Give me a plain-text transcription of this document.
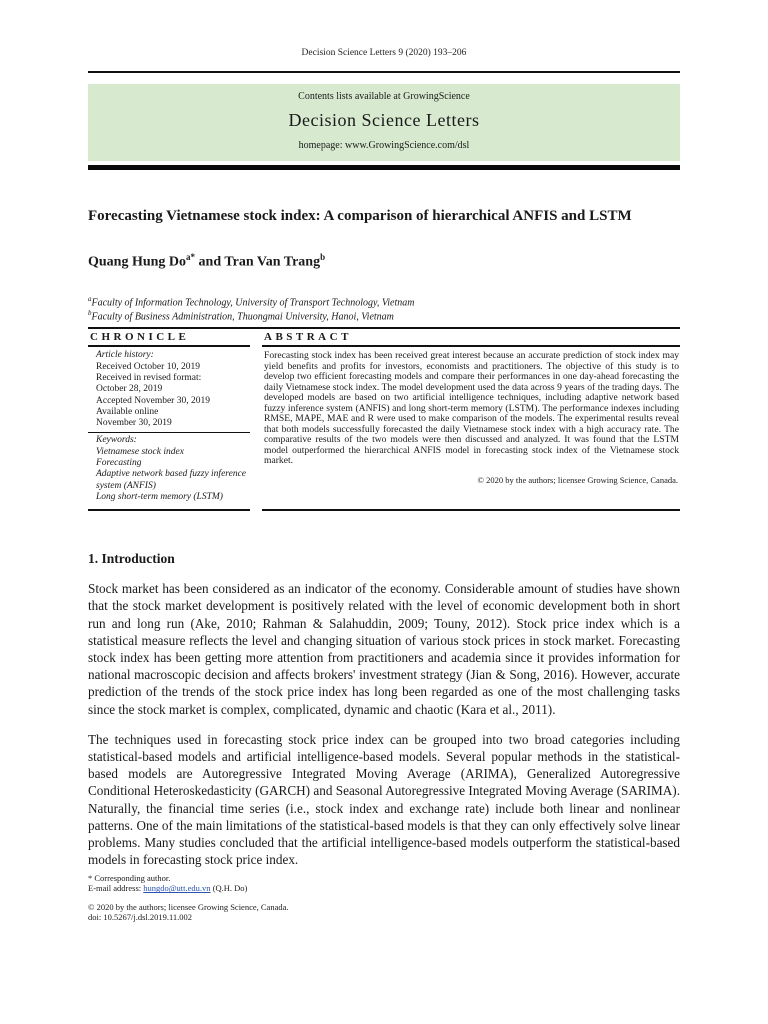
Decision Science Letters 9 (2020) 193–206
Contents lists available at GrowingScience
Decision Science Letters
homepage: www.GrowingScience.com/dsl
Forecasting Vietnamese stock index: A comparison of hierarchical ANFIS and LSTM
Quang Hung $Do^{a*}$ and Tran Van Trang$^b$
$^a$Faculty of Information Technology, University of Transport Technology, Vietnam
$^b$Faculty of Business Administration, Thuongmai University, Hanoi, Vietnam
CHRONICLE
Article history:
Received October 10, 2019
Received in revised format:
October 28, 2019
Accepted November 30, 2019
Available online
November 30, 2019
Keywords:
Vietnamese stock index
Forecasting
Adaptive network based fuzzy inference system (ANFIS)
Long short-term memory (LSTM)
ABSTRACT
Forecasting stock index has been received great interest because an accurate prediction of stock index may yield benefits and profits for investors, economists and practitioners. The objective of this study is to develop two efficient forecasting models and compare their performances in one day-ahead forecasting the daily Vietnamese stock index. The model development used the data across 9 years of the trading days. The developed models are based on two artificial intelligence techniques, including adaptive network based fuzzy inference system (ANFIS) and long short-term memory (LSTM). The performance indexes including RMSE, MAPE, MAE and R were used to make comparison of the models. The experimental results reveal that both models successfully forecasted the daily Vietnamese stock index with a high accuracy rate. The comparative results of the two models were then discussed and analyzed. It was found that the LSTM model outperformed the hierarchical ANFIS model in forecasting stock index of the Vietnamese stock market.
© 2020 by the authors; licensee Growing Science, Canada.
1. Introduction
Stock market has been considered as an indicator of the economy. Considerable amount of studies have shown that the stock market development is positively related with the level of economic development both in short run and long run (Ake, 2010; Rahman & Salahuddin, 2009; Touny, 2012). Stock price index which is a statistical measure reflects the level and changing situation of various stock prices in stock market. Forecasting stock index has been getting more attention from practitioners and academia since it provides information for national macroscopic decision and affects brokers' investment strategy (Jian & Song, 2016). However, accurate prediction of the trends of the stock price index has long been regarded as one of the most challenging tasks since the stock market is complex, complicated, dynamic and chaotic (Kara et al., 2011).
The techniques used in forecasting stock price index can be grouped into two broad categories including statistical-based models and artificial intelligence-based models. Several popular methods in the statistical-based models are Autoregressive Integrated Moving Average (ARIMA), Generalized Autoregressive Conditional Heteroskedasticity (GARCH) and Seasonal Autoregressive Integrated Moving Average (SARIMA). Naturally, the financial time series (i.e., stock index and exchange rate) include both linear and nonlinear patterns. One of the main limitations of the statistical-based models is that they can only effectively solve linear problems. Many studies concluded that the artificial intelligence-based models outperform the statistical-based models in forecasting stock price index.
* Corresponding author.
E-mail address: hungdo@utt.edu.vn (Q.H. Do)
© 2020 by the authors; licensee Growing Science, Canada.
doi: 10.5267/j.dsl.2019.11.002
